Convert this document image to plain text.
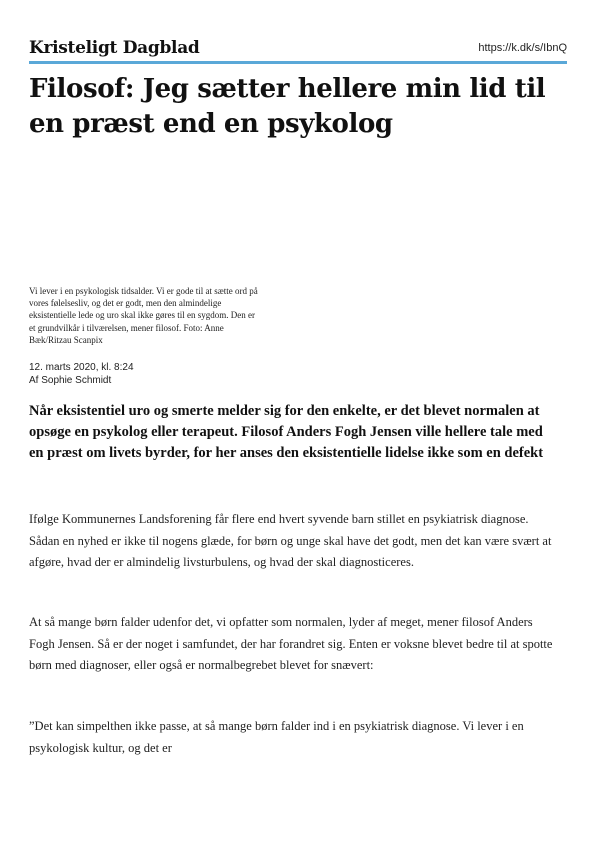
Kristeligt Dagblad	https://k.dk/s/IbnQ
Filosof: Jeg sætter hellere min lid til en præst end en psykolog

Vi lever i en psykologisk tidsalder. Vi er gode til at sætte ord på vores følelsesliv, og det er godt, men den almindelige eksistentielle lede og uro skal ikke gøres til en sygdom. Den er et grundvilkår i tilværelsen, mener filosof. Foto: Anne Bæk/Ritzau Scanpix

12. marts 2020, kl. 8:24
Af Sophie Schmidt

Når eksistentiel uro og smerte melder sig for den enkelte, er det blevet normalen at opsøge en psykolog eller terapeut. Filosof Anders Fogh Jensen ville hellere tale med en præst om livets byrder, for her anses den eksistentielle lidelse ikke som en defekt

Ifølge Kommunernes Landsforening får flere end hvert syvende barn stillet en psykiatrisk diagnose. Sådan en nyhed er ikke til nogens glæde, for børn og unge skal have det godt, men det kan være svært at afgøre, hvad der er almindelig livsturbulens, og hvad der skal diagnosticeres.

At så mange børn falder udenfor det, vi opfatter som normalen, lyder af meget, mener filosof Anders Fogh Jensen. Så er der noget i samfundet, der har forandret sig. Enten er voksne blevet bedre til at spotte børn med diagnoser, eller også er normalbegrebet blevet for snævert:

”Det kan simpelthen ikke passe, at så mange børn falder ind i en psykiatrisk diagnose. Vi lever i en psykologisk kultur, og det er
